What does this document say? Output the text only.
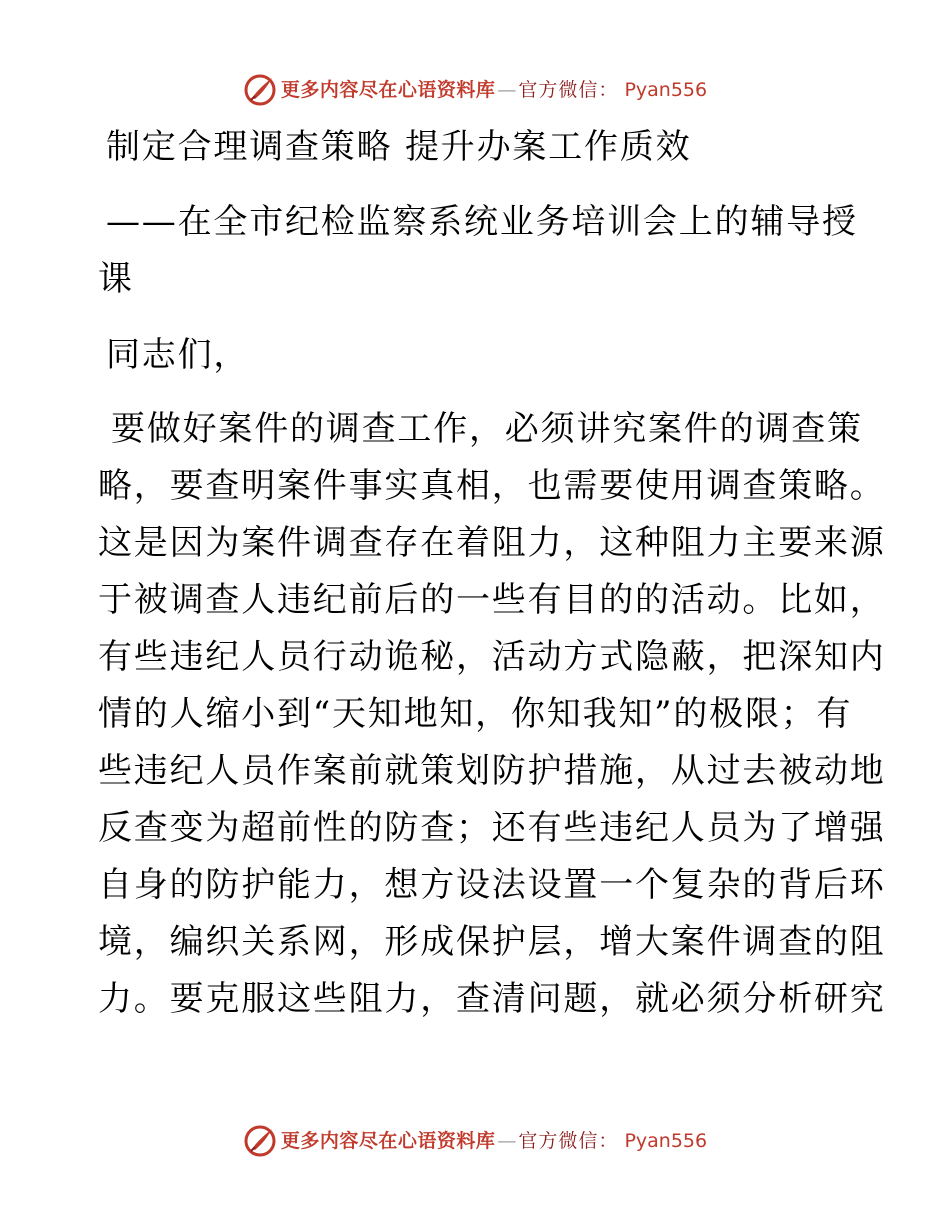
更多内容尽在心语资料库 — 官方微信： Pyan556
制定合理调查策略 提升办案工作质效
——在全市纪检监察系统业务培训会上的辅导授
课
同志们，
要做好案件的调查工作，必须讲究案件的调查策
略，要查明案件事实真相，也需要使用调查策略。
这是因为案件调查存在着阻力，这种阻力主要来源
于被调查人违纪前后的一些有目的的活动。比如，
有些违纪人员行动诡秘，活动方式隐蔽，把深知内
情的人缩小到“天知地知，你知我知”的极限；有
些违纪人员作案前就策划防护措施，从过去被动地
反查变为超前性的防查；还有些违纪人员为了增强
自身的防护能力，想方设法设置一个复杂的背后环
境，编织关系网，形成保护层，增大案件调查的阻
力。要克服这些阻力，查清问题，就必须分析研究
更多内容尽在心语资料库 — 官方微信： Pyan556
